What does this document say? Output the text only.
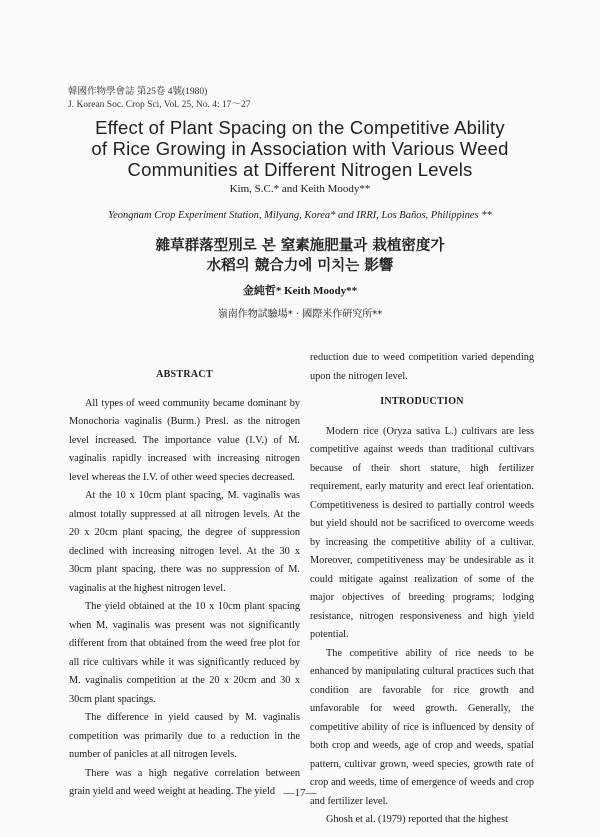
韓國作物學會誌 第25卷 4號(1980)
J. Korean Soc. Crop Sci, Vol. 25, No. 4: 17～27
Effect of Plant Spacing on the Competitive Ability
of Rice Growing in Association with Various Weed
Communities at Different Nitrogen Levels
Kim, S.C.* and Keith Moody**
Yeongnam Crop Experiment Station, Milyang, Korea* and IRRI, Los Baños, Philippines **
雜草群落型別로 본 窒素施肥量과 栽植密度가
水稻의 競合力에 미치는 影響
金純哲* Keith Moody**
嶺南作物試驗場* · 國際米作硏究所**
ABSTRACT

All types of weed community became dominant by Monochoria vaginalis (Burm.) Presl. as the nitrogen level increased. The importance value (I.V.) of M. vaginalis rapidly increased with increasing nitrogen level whereas the I.V. of other weed species decreased.

At the 10 x 10cm plant spacing, M. vaginalis was almost totally suppressed at all nitrogen levels. At the 20 x 20cm plant spacing, the degree of suppression declined with increasing nitrogen level. At the 30 x 30cm plant spacing, there was no suppression of M. vaginalis at the highest nitrogen level.

The yield obtained at the 10 x 10cm plant spacing when M. vaginalis was present was not significantly different from that obtained from the weed free plot for all rice cultivars while it was significantly reduced by M. vaginalis competition at the 20 x 20cm and 30 x 30cm plant spacings.

The difference in yield caused by M. vaginalis competition was primarily due to a reduction in the number of panicles at all nitrogen levels.

There was a high negative correlation between grain yield and weed weight at heading. The yield

reduction due to weed competition varied depending upon the nitrogen level.

INTRODUCTION

Modern rice (Oryza sativa L.) cultivars are less competitive against weeds than traditional cultivars because of their short stature, high fertilizer requirement, early maturity and erect leaf orientation. Competitiveness is desired to partially control weeds but yield should not be sacrificed to overcome weeds by increasing the competitive ability of a cultivar. Moreover, competitiveness may be undesirable as it could mitigate against realization of some of the major objectives of breeding programs; lodging resistance, nitrogen responsiveness and high yield potential.

The competitive ability of rice needs to be enhanced by manipulating cultural practices such that condition are favorable for rice growth and unfavorable for weed growth. Generally, the competitive ability of rice is influenced by density of both crop and weeds, age of crop and weeds, spatial pattern, cultivar grown, weed species, growth rate of crop and weeds, time of emergence of weeds and crop and fertilizer level.

Ghosh et al. (1979) reported that the highest

—17—
